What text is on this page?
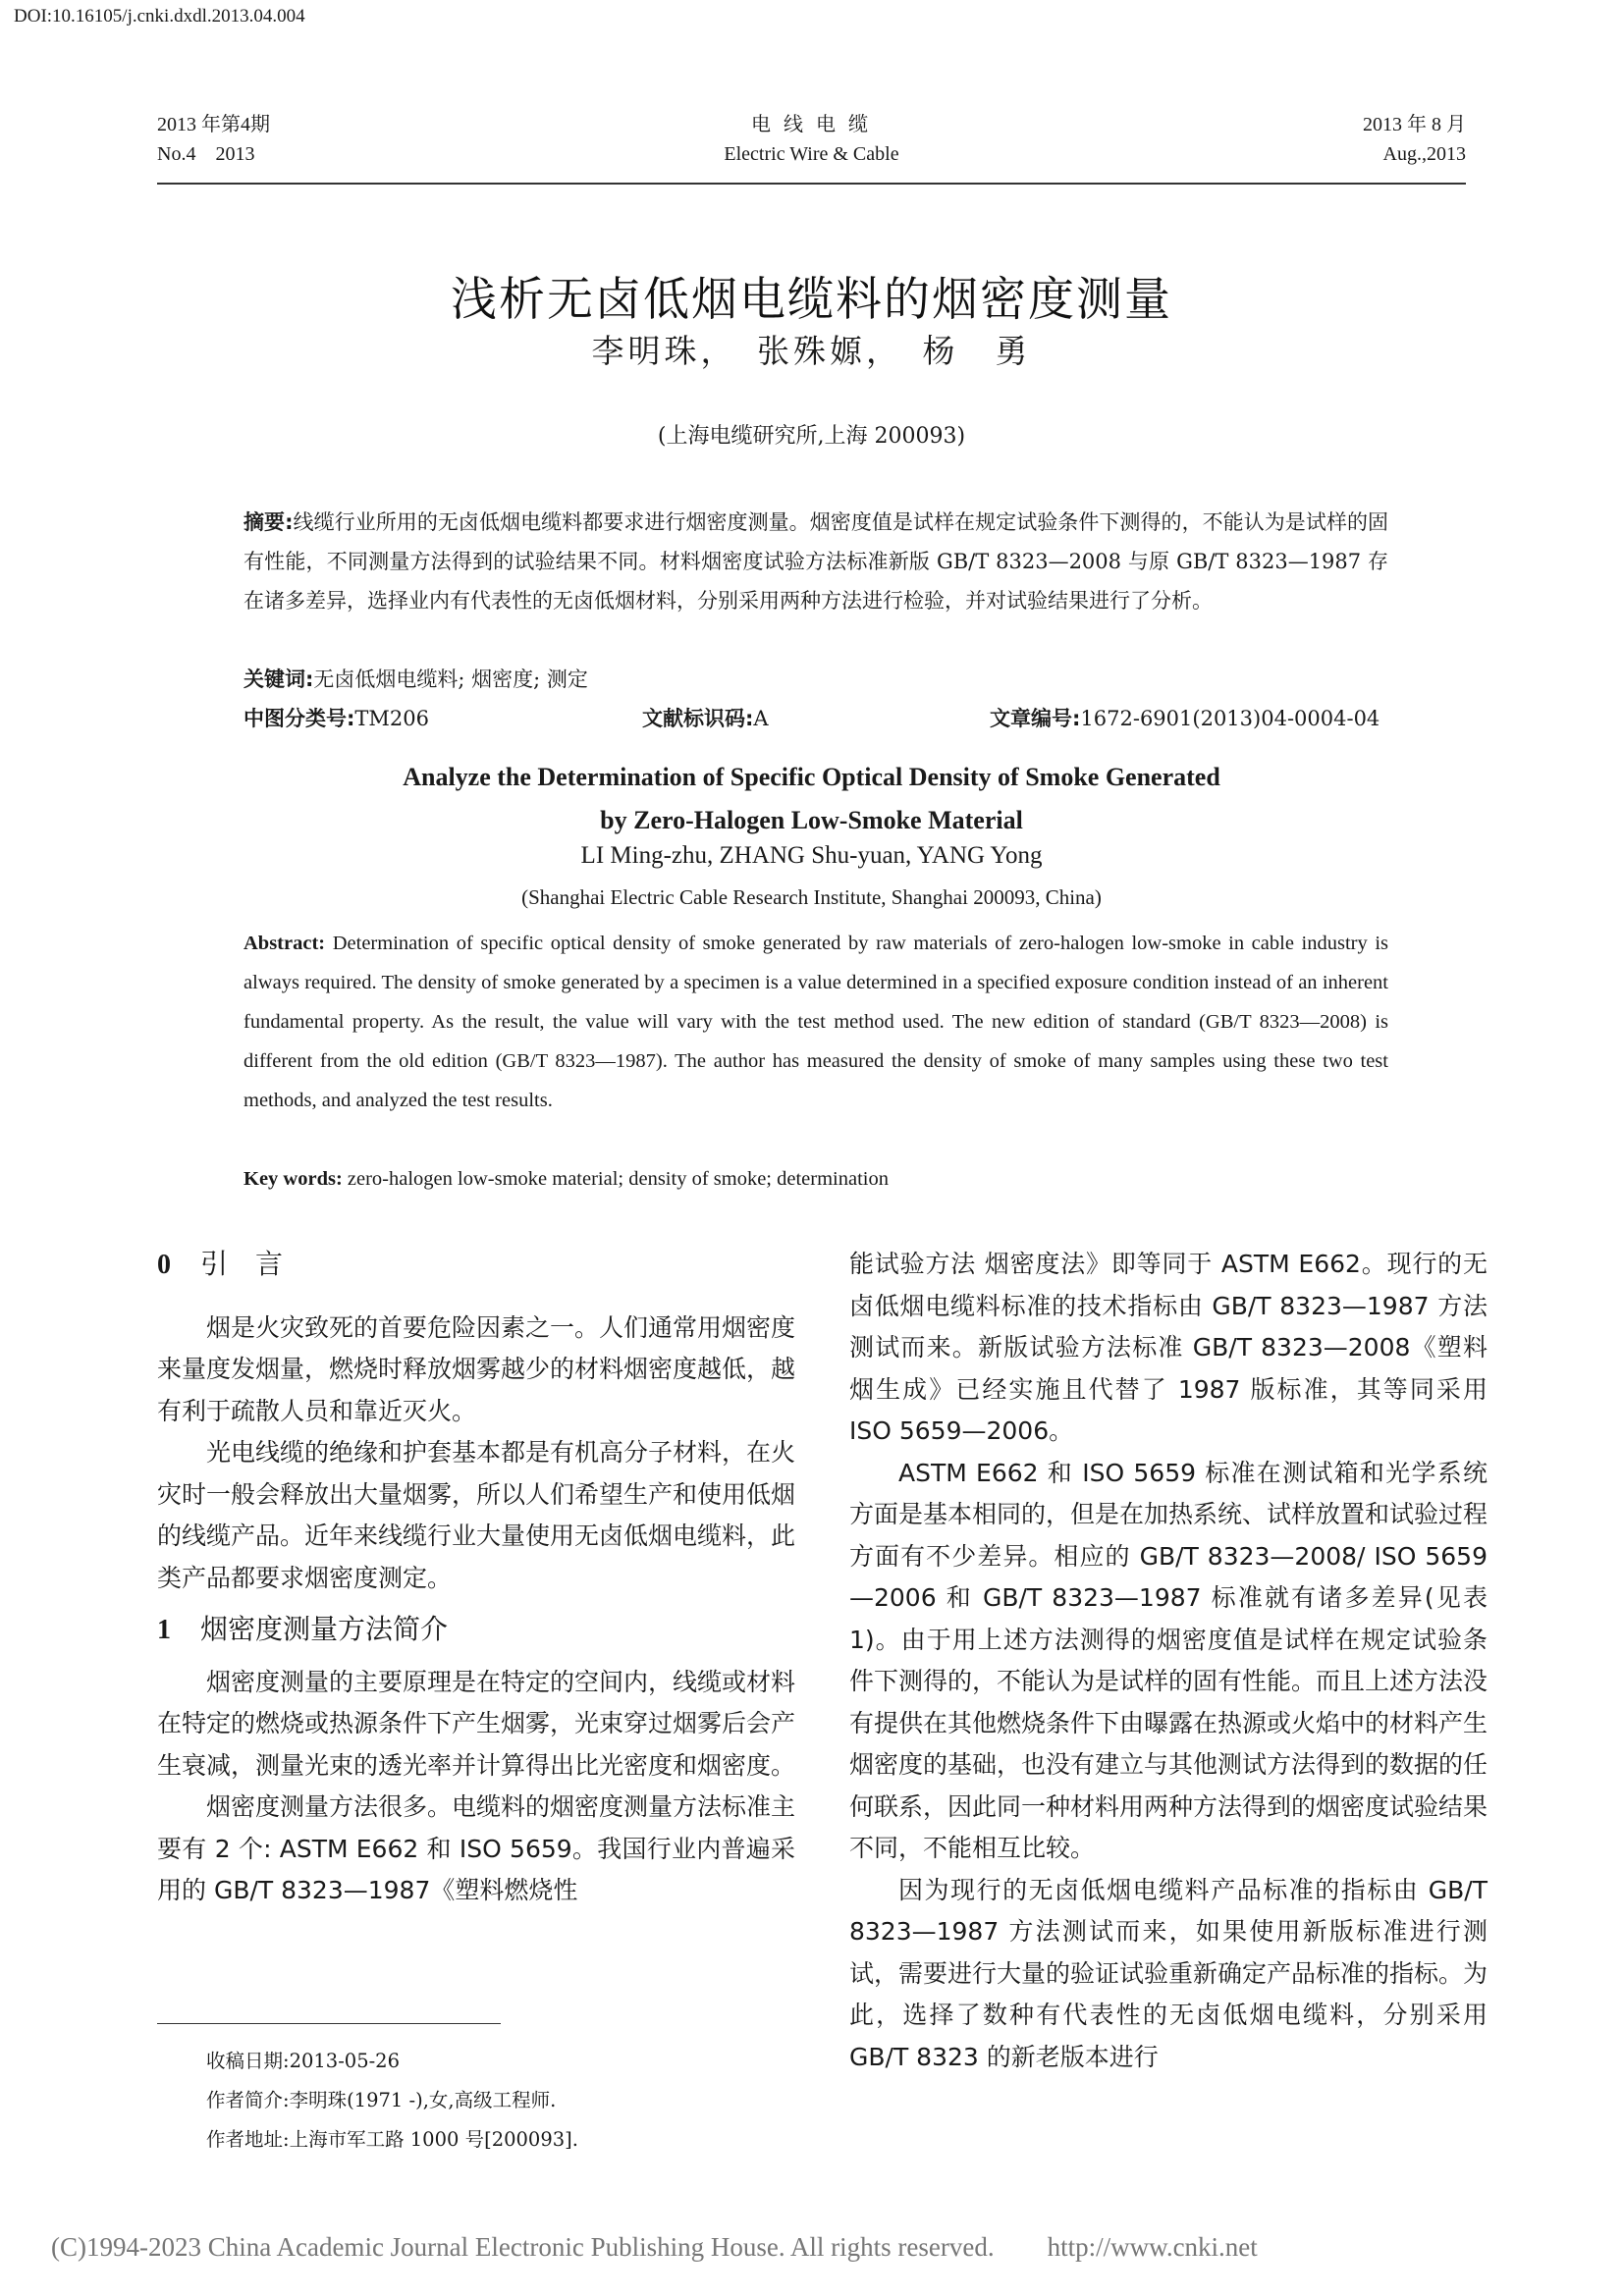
DOI:10.16105/j.cnki.dxdl.2013.04.004
2013 年第4期
No.4　2013
电 线 电 缆
Electric Wire & Cable
2013 年 8 月
Aug.,2013
浅析无卤低烟电缆料的烟密度测量
李明珠，　张殊嫄，　杨　勇
(上海电缆研究所,上海 200093)
摘要:线缆行业所用的无卤低烟电缆料都要求进行烟密度测量。烟密度值是试样在规定试验条件下测得的，不能认为是试样的固有性能，不同测量方法得到的试验结果不同。材料烟密度试验方法标准新版 GB/T 8323—2008 与原 GB/T 8323—1987 存在诸多差异，选择业内有代表性的无卤低烟材料，分别采用两种方法进行检验，并对试验结果进行了分析。
关键词:无卤低烟电缆料; 烟密度; 测定
中图分类号:TM206	文献标识码:A	文章编号:1672-6901(2013)04-0004-04
Analyze the Determination of Specific Optical Density of Smoke Generated
by Zero-Halogen Low-Smoke Material
LI Ming-zhu, ZHANG Shu-yuan, YANG Yong
(Shanghai Electric Cable Research Institute, Shanghai 200093, China)
Abstract: Determination of specific optical density of smoke generated by raw materials of zero-halogen low-smoke in cable industry is always required. The density of smoke generated by a specimen is a value determined in a specified exposure condition instead of an inherent fundamental property. As the result, the value will vary with the test method used. The new edition of standard (GB/T 8323—2008) is different from the old edition (GB/T 8323—1987). The author has measured the density of smoke of many samples using these two test methods, and analyzed the test results.
Key words: zero-halogen low-smoke material; density of smoke; determination
0 引　言

烟是火灾致死的首要危险因素之一。人们通常用烟密度来量度发烟量，燃烧时释放烟雾越少的材料烟密度越低，越有利于疏散人员和靠近灭火。

光电线缆的绝缘和护套基本都是有机高分子材料，在火灾时一般会释放出大量烟雾，所以人们希望生产和使用低烟的线缆产品。近年来线缆行业大量使用无卤低烟电缆料，此类产品都要求烟密度测定。

1 烟密度测量方法简介

烟密度测量的主要原理是在特定的空间内，线缆或材料在特定的燃烧或热源条件下产生烟雾，光束穿过烟雾后会产生衰减，测量光束的透光率并计算得出比光密度和烟密度。

烟密度测量方法很多。电缆料的烟密度测量方法标准主要有 2 个: ASTM E662 和 ISO 5659。我国行业内普遍采用的 GB/T 8323—1987《塑料燃烧性

能试验方法 烟密度法》即等同于 ASTM E662。现行的无卤低烟电缆料标准的技术指标由 GB/T 8323—1987 方法测试而来。新版试验方法标准 GB/T 8323—2008《塑料 烟生成》已经实施且代替了 1987 版标准，其等同采用 ISO 5659—2006。

ASTM E662 和 ISO 5659 标准在测试箱和光学系统方面是基本相同的，但是在加热系统、试样放置和试验过程方面有不少差异。相应的 GB/T 8323—2008/ ISO 5659—2006 和 GB/T 8323—1987 标准就有诸多差异(见表 1)。由于用上述方法测得的烟密度值是试样在规定试验条件下测得的，不能认为是试样的固有性能。而且上述方法没有提供在其他燃烧条件下由曝露在热源或火焰中的材料产生烟密度的基础，也没有建立与其他测试方法得到的数据的任何联系，因此同一种材料用两种方法得到的烟密度试验结果不同，不能相互比较。

因为现行的无卤低烟电缆料产品标准的指标由 GB/T 8323—1987 方法测试而来，如果使用新版标准进行测试，需要进行大量的验证试验重新确定产品标准的指标。为此，选择了数种有代表性的无卤低烟电缆料，分别采用 GB/T 8323 的新老版本进行

收稿日期:2013-05-26
作者简介:李明珠(1971 -),女,高级工程师.
作者地址:上海市军工路 1000 号[200093].
(C)1994-2023 China Academic Journal Electronic Publishing House. All rights reserved.　　http://www.cnki.net
